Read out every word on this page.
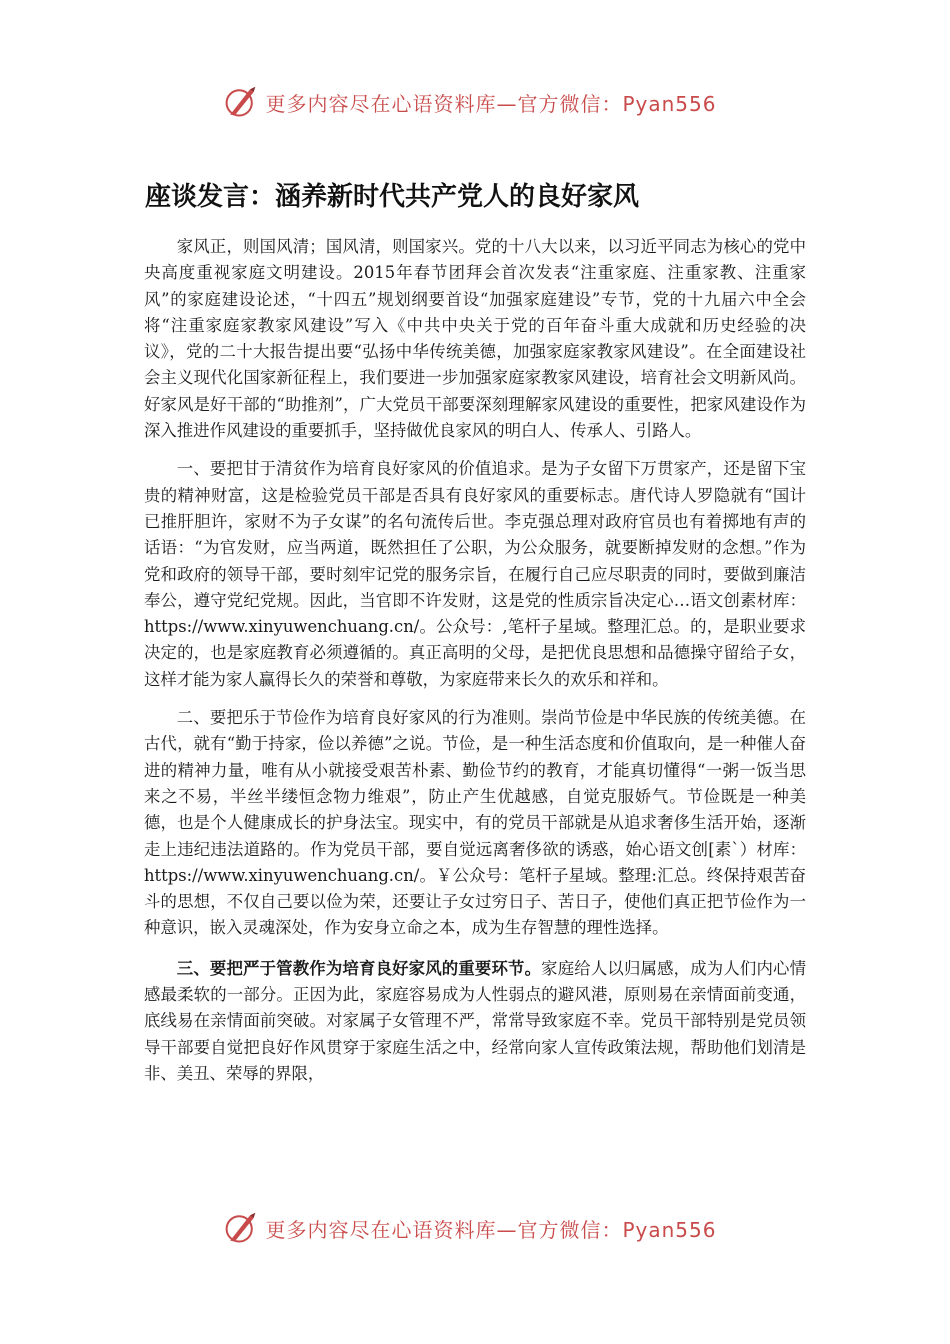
更多内容尽在心语资料库—官方微信：Pyan556
座谈发言：涵养新时代共产党人的良好家风

家风正，则国风清；国风清，则国家兴。党的十八大以来，以习近平同志为核心的党中央高度重视家庭文明建设。2015年春节团拜会首次发表“注重家庭、注重家教、注重家风”的家庭建设论述，“十四五”规划纲要首设“加强家庭建设”专节，党的十九届六中全会将“注重家庭家教家风建设”写入《中共中央关于党的百年奋斗重大成就和历史经验的决议》，党的二十大报告提出要“弘扬中华传统美德，加强家庭家教家风建设”。在全面建设社会主义现代化国家新征程上，我们要进一步加强家庭家教家风建设，培育社会文明新风尚。好家风是好干部的“助推剂”，广大党员干部要深刻理解家风建设的重要性，把家风建设作为深入推进作风建设的重要抓手，坚持做优良家风的明白人、传承人、引路人。

一、要把甘于清贫作为培育良好家风的价值追求。是为子女留下万贯家产，还是留下宝贵的精神财富，这是检验党员干部是否具有良好家风的重要标志。唐代诗人罗隐就有“国计已推肝胆许，家财不为子女谋”的名句流传后世。李克强总理对政府官员也有着掷地有声的话语：“为官发财，应当两道，既然担任了公职，为公众服务，就要断掉发财的念想。”作为党和政府的领导干部，要时刻牢记党的服务宗旨，在履行自己应尽职责的同时，要做到廉洁奉公，遵守党纪党规。因此，当官即不许发财，这是党的性质宗旨决定心…语文创素材库：https://www.xinyuwenchuang.cn/。公众号：,笔杆子星域。整理汇总。的，是职业要求决定的，也是家庭教育必须遵循的。真正高明的父母，是把优良思想和品德操守留给子女，这样才能为家人赢得长久的荣誉和尊敬，为家庭带来长久的欢乐和祥和。

二、要把乐于节俭作为培育良好家风的行为准则。崇尚节俭是中华民族的传统美德。在古代，就有“勤于持家，俭以养德”之说。节俭，是一种生活态度和价值取向，是一种催人奋进的精神力量，唯有从小就接受艰苦朴素、勤俭节约的教育，才能真切懂得“一粥一饭当思来之不易，半丝半缕恒念物力维艰”，防止产生优越感，自觉克服娇气。节俭既是一种美德，也是个人健康成长的护身法宝。现实中，有的党员干部就是从追求奢侈生活开始，逐渐走上违纪违法道路的。作为党员干部，要自觉远离奢侈欲的诱惑，始心语文创[素`）材库：https://www.xinyuwenchuang.cn/。￥公众号：笔杆子星域。整理:汇总。终保持艰苦奋斗的思想，不仅自己要以俭为荣，还要让子女过穷日子、苦日子，使他们真正把节俭作为一种意识，嵌入灵魂深处，作为安身立命之本，成为生存智慧的理性选择。

三、要把严于管教作为培育良好家风的重要环节。家庭给人以归属感，成为人们内心情感最柔软的一部分。正因为此，家庭容易成为人性弱点的避风港，原则易在亲情面前变通，底线易在亲情面前突破。对家属子女管理不严，常常导致家庭不幸。党员干部特别是党员领导干部要自觉把良好作风贯穿于家庭生活之中，经常向家人宣传政策法规，帮助他们划清是非、美丑、荣辱的界限，

更多内容尽在心语资料库—官方微信：Pyan556
